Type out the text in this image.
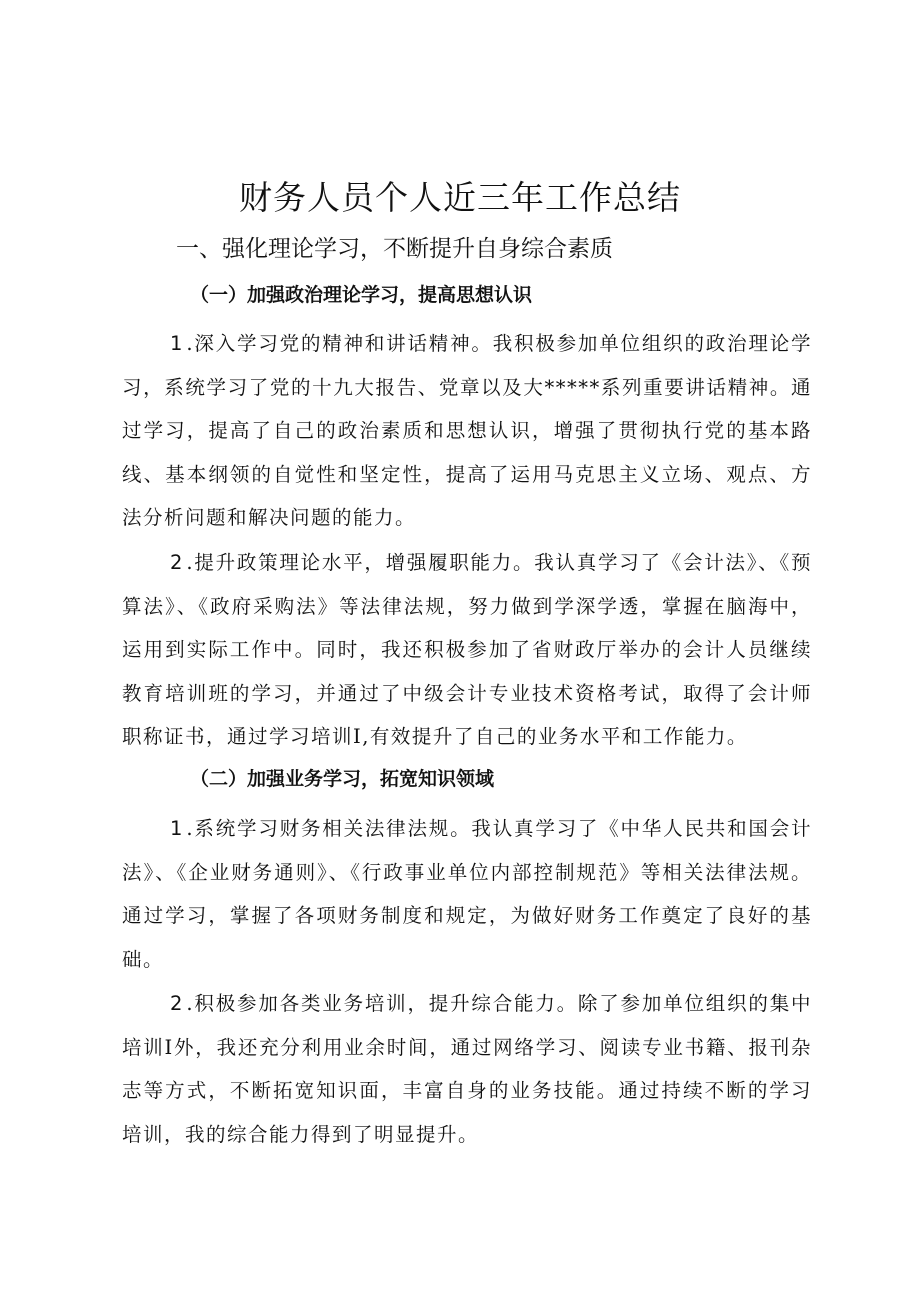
财务人员个人近三年工作总结
一、强化理论学习，不断提升自身综合素质
（一）加强政治理论学习，提高思想认识

1.深入学习党的精神和讲话精神。我积极参加单位组织的政治理论学习，系统学习了党的十九大报告、党章以及大*****系列重要讲话精神。通过学习，提高了自己的政治素质和思想认识，增强了贯彻执行党的基本路线、基本纲领的自觉性和坚定性，提高了运用马克思主义立场、观点、方法分析问题和解决问题的能力。

2.提升政策理论水平，增强履职能力。我认真学习了《会计法》、《预算法》、《政府采购法》等法律法规，努力做到学深学透，掌握在脑海中，运用到实际工作中。同时，我还积极参加了省财政厅举办的会计人员继续教育培训班的学习，并通过了中级会计专业技术资格考试，取得了会计师职称证书，通过学习培训I,有效提升了自己的业务水平和工作能力。

（二）加强业务学习，拓宽知识领域

1.系统学习财务相关法律法规。我认真学习了《中华人民共和国会计法》、《企业财务通则》、《行政事业单位内部控制规范》等相关法律法规。通过学习，掌握了各项财务制度和规定，为做好财务工作奠定了良好的基础。

2.积极参加各类业务培训，提升综合能力。除了参加单位组织的集中培训I外，我还充分利用业余时间，通过网络学习、阅读专业书籍、报刊杂志等方式，不断拓宽知识面，丰富自身的业务技能。通过持续不断的学习培训，我的综合能力得到了明显提升。
